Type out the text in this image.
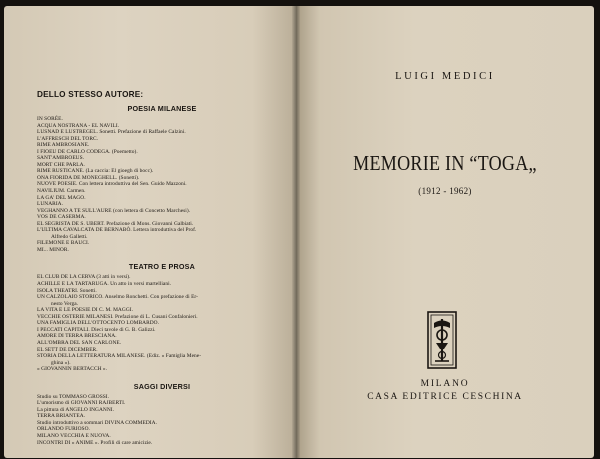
DELLO STESSO AUTORE:
POESIA MILANESE
IN SORÉE.
ACQUA NOSTRANA - EL NAVILI.
LUSNAD E LUSTREGEL. Sonetti. Prefazione di Raffaele Calzini.
L'AFFRESCH DEL TORC.
RIME AMBROSIANE.
I FIOEU DE CARLO CODEGA. (Poemetto).
SANT'AMBROEUS.
MORT CHE PARLA.
RIME RUSTICANE. (La caccia: El gioegh di bocc).
ONA FIORIDA DE MONEGHELL. (Sonetti).
NUOVE POESIE. Con lettera introduttiva del Sen. Guido Mazzoni.
NAVILIUM. Carmen.
LA GA' DEL MAGO.
LUNARIA.
VEGHANNO A TE SULL'AURE (con lettera di Concetto Marchesi).
VOS DE CASERMA.
EL SEGRISTA DE S. UBERT. Prefazione di Mons. Giovanni Galbiati.
L'ULTIMA CAVALCATA DE BERNABÒ. Lettera introduttiva del Prof.
Alfredo Galletti.
FILEMONE E BAUCI.
MI... MINOR.
TEATRO E PROSA
EL CLUB DE LA CERVA (3 atti in versi).
ACHILLE E LA TARTARUGA. Un atto in versi martelliani.
ISOLA THEATRI. Sonetti.
UN CALZOLAIO STORICO. Anselmo Ronchetti. Con prefazione di Er-
nesto Verga.
LA VITA E LE POESIE DI C. M. MAGGI.
VECCHIE OSTERIE MILANESI. Prefazione di L. Cusani Confalonieri.
UNA FAMIGLIA DELL'OTTOCENTO LOMBARDO.
I PECCATI CAPITALI. Dieci tavole di G. B. Galizzi.
AMORE DI TERRA BRESCIANA.
ALL'OMBRA DEL SAN CARLONE.
EL SETT DE DICEMBER.
STORIA DELLA LETTERATURA MILANESE. (Ediz. « Famiglia Mene-
ghina »).
« GIOVANNIN BERTACCH ».
SAGGI DIVERSI
Studio su TOMMASO GROSSI.
L'umorismo di GIOVANNI RAJBERTI.
La pittura di ANGELO INGANNI.
TERRA BRIANTEA.
Studio introduttivo a sommari DIVINA COMMEDIA.
ORLANDO FURIOSO.
MILANO VECCHIA E NUOVA.
INCONTRI DI « ANIME ». Profili di care amicizie.
LUIGI MEDICI
MEMORIE IN “TOGA„
(1912 - 1962)
MILANO
CASA EDITRICE CESCHINA
